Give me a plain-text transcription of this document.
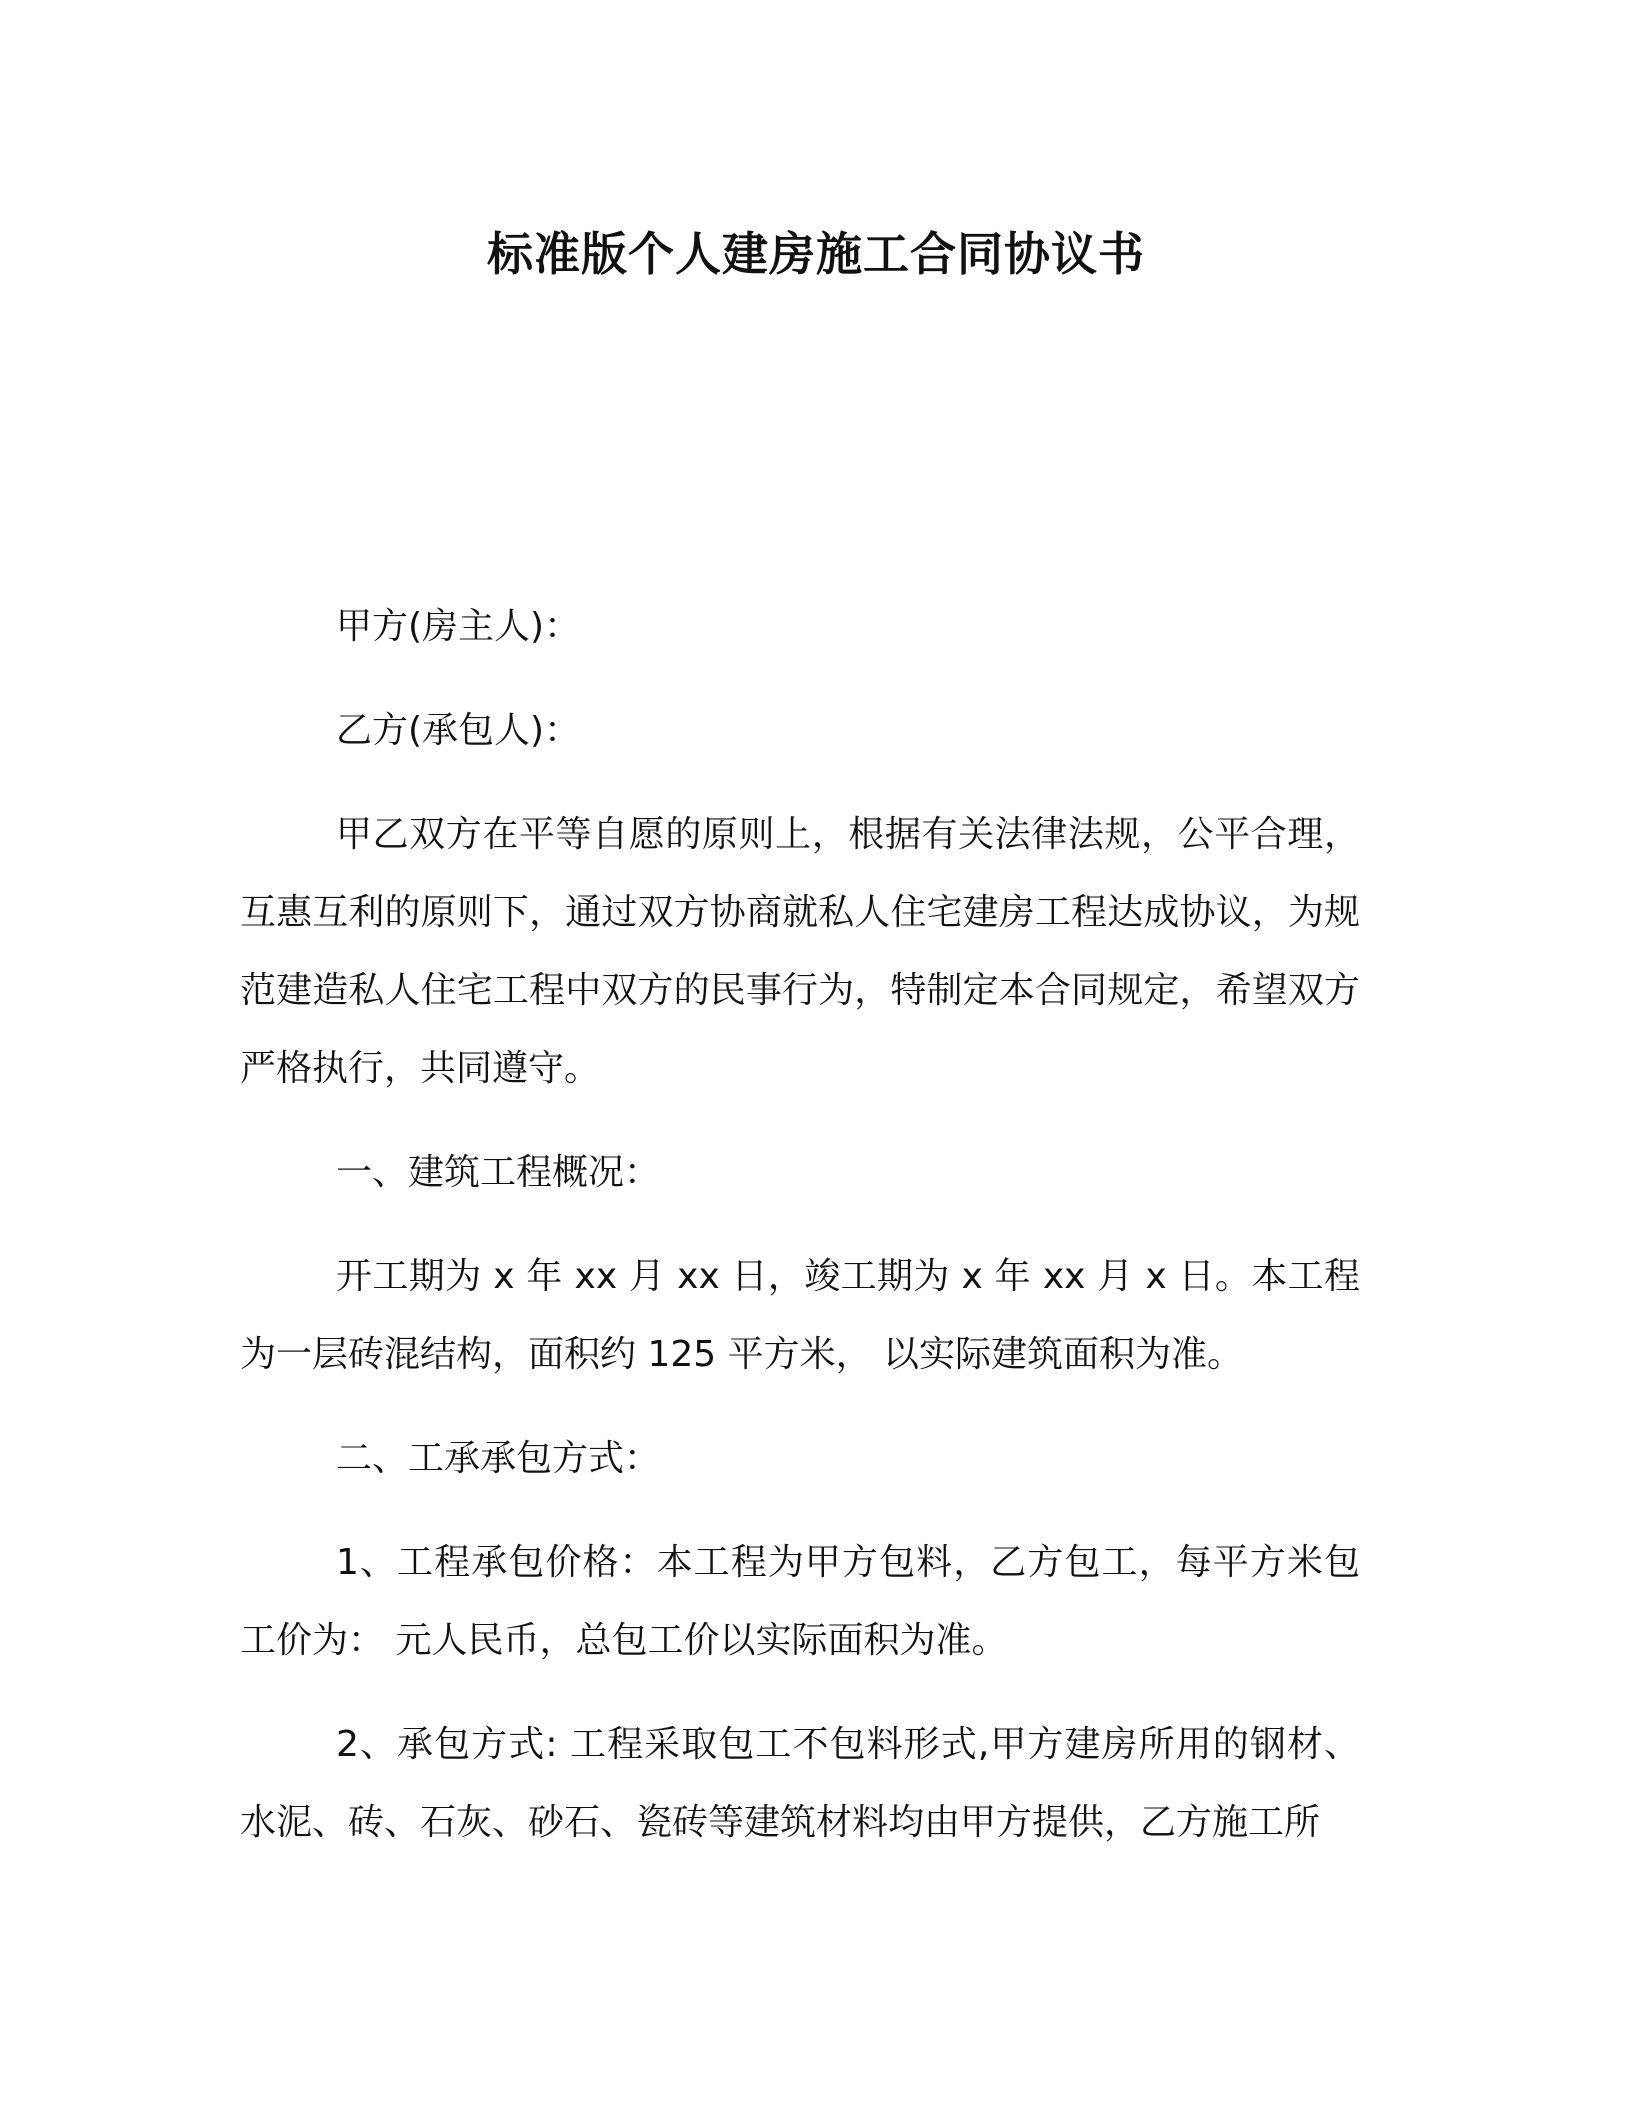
标准版个人建房施工合同协议书

甲方(房主人)：

乙方(承包人)：

甲乙双方在平等自愿的原则上，根据有关法律法规，公平合理，互惠互利的原则下，通过双方协商就私人住宅建房工程达成协议，为规范建造私人住宅工程中双方的民事行为，特制定本合同规定，希望双方严格执行，共同遵守。

一、建筑工程概况：

开工期为 x 年 xx 月 xx 日，竣工期为 x 年 xx 月 x 日。本工程为一层砖混结构，面积约 125 平方米， 以实际建筑面积为准。

二、工承承包方式：

1、工程承包价格：本工程为甲方包料，乙方包工，每平方米包工价为： 元人民币，总包工价以实际面积为准。

2、承包方式: 工程采取包工不包料形式,甲方建房所用的钢材、水泥、砖、石灰、砂石、瓷砖等建筑材料均由甲方提供，乙方施工所
